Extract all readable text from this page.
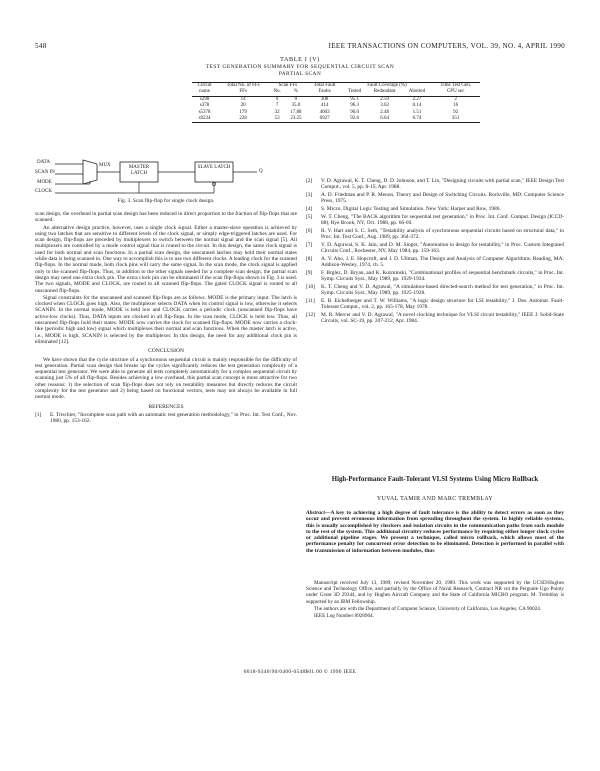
548	IEEE TRANSACTIONS ON COMPUTERS, VOL. 39, NO. 4, APRIL 1990
TABLE I (V)
TEST GENERATION SUMMARY FOR SEQUENTIAL CIRCUIT SCAN
PARTIAL SCAN
Circuit	Total No. of FFs	Scan FFs		Total Fault	Fault Coverage (%)			Time Test Gen.
name	FFs	No.	%	Faults	Tested	Redundant	Aborted	CPU sec
s298	14	0	0	308	95.1	2.59	2.27	2
s378	20	7	35.0	414	96.3	3.62	0.14	16
s5378	179	32	17.88	4603	96.0	2.48	1.51	92
s9234	228	53	23.25	6927	92.6	6.64	0.74	351
DATA
SCAN IN
MODE
CLOCK
MUX	MASTER LATCH
SLAVE LATCH
Q
Fig. 3. Scan flip-flop for single clock design.

scan design, the overhead in partial scan design has been reduced in direct proportion to the fraction of flip-flops that are scanned.

An alternative design practice, however, uses a single clock signal. Either a master-slave operation is achieved by using two latches that are sensitive to different levels of the clock signal, or simply edge-triggered latches are used. For scan design, flip-flops are preceded by multiplexers to switch between the normal signal and the scan signal [5]. All multiplexers are controlled by a mode control signal that is routed to the circuit. In this design, the same clock signal is used for both normal and scan functions. In a partial scan design, the unscanned latches may hold their normal states while data is being scanned in. One way to accomplish this is to use two different clocks. A leading clock for the scanned flip-flops. In the normal mode, both clock pins will carry the same signal. In the scan mode, the clock signal is applied only to the scanned flip-flops. Thus, in addition to the other signals needed for a complete scan design, the partial scan design may need one extra clock pin. The extra clock pin can be eliminated if the scan flip-flops shown in Fig. 3 is used. The two signals, MODE and CLOCK, are routed to all scanned flip-flops. The gated CLOCK signal is routed to all unscanned flip-flops.

Signal constraints for the unscanned and scanned flip-flops are as follows. MODE is the primary input. The latch is clocked when CLOCK goes high. Also, the multiplexer selects DATA when its control signal is low, otherwise it selects SCANIN. In the normal mode, MODE is held low and CLOCK carries a periodic clock (unscanned flip-flops have active-low clocks). Thus, DATA inputs are clocked in all flip-flops. In the scan mode, CLOCK is held low. Thus, all unscanned flip-flops hold their states. MODE now carries the clock for scanned flip-flops. MODE now carries a clock-like (periodic high and low) signal which multiplexes their normal and scan functions. When the master latch is active, i.e., MODE is high, SCANIN is selected by the multiplexer. In this design, the need for any additional clock pin is eliminated [12].

CONCLUSION

We have shown that the cycle structure of a synchronous sequential circuit is mainly responsible for the difficulty of test generation. Partial scan design that breaks up the cycles significantly reduces the test generation complexity of a sequential test generator. We were able to generate all tests completely automatically for a complex sequential circuit by scanning just 5% of all flip-flops. Besides achieving a low overhead, this partial scan concept is more attractive for two other reasons: 1) the selection of scan flip-flops does not rely on testability measures but directly reduces the circuit complexity for the test generator and 2) being based on functional vectors, tests may not always be available in full normal mode.

REFERENCES
[1]	E. Trischler, "Incomplete scan path with an automatic test generation methodology," in Proc. Int. Test Conf., Nov. 1980, pp. 153-162.
[2]	V. D. Agrawal, K. T. Cheng, D. D. Johnson, and T. Lin, "Designing circuits with partial scan," IEEE Design Test Comput., vol. 5, pp. 8-15, Apr. 1988.
[3]	A. D. Friedman and P. R. Menon, Theory and Design of Switching Circuits. Rockville, MD: Computer Science Press, 1975.
[4]	S. Miczo, Digital Logic Testing and Simulation. New York: Harper and Row, 1986.
[5]	W. T. Cheng, "The BACK algorithm for sequential test generation," in Proc. Int. Conf. Comput. Design (ICCD-88), Rye Brook, NY, Oct. 1988, pp. 66-69.
[6]	R. V. Hart and S. C. Seth, "Testability analysis of synchronous sequential circuits based on structural data," in Proc. Int. Test Conf., Aug. 1989, pp. 364-372.
[7]	V. D. Agrawal, S. K. Jain, and D. M. Singer, "Automation in design for testability," in Proc. Custom Integrated Circuits Conf., Rochester, NY, May 1984, pp. 159-163.
[8]	A. V. Aho, J. E. Hopcroft, and J. D. Ullman, The Design and Analysis of Computer Algorithms. Reading, MA: Addison-Wesley, 1974, ch. 5.
[9]	F. Brglez, D. Bryan, and K. Kozminski, "Combinational profiles of sequential benchmark circuits," in Proc. Int. Symp. Circuits Syst., May 1989, pp. 1929-1934.
[10]	K. T. Cheng and V. D. Agrawal, "A simulation-based directed-search method for test generation," in Proc. Int. Symp. Circuits Syst., May 1989, pp. 1925-1928.
[11]	E. B. Eichelberger and T. W. Williams, "A logic design structure for LSI testability," J. Des. Automat. Fault-Tolerant Comput., vol. 2, pp. 165-178, May 1978.
[12]	M. R. Mercer and V. D. Agrawal, "A novel clocking technique for VLSI circuit testability," IEEE J. Solid-State Circuits, vol. SC-19, pp. 207-212, Apr. 1984.
High-Performance Fault-Tolerant VLSI Systems Using Micro Rollback
YUVAL TAMIR AND MARC TREMBLAY
Abstract—A key to achieving a high degree of fault tolerance is the ability to detect errors as soon as they occur and prevent erroneous information from spreading throughout the system. In highly reliable systems, this is usually accomplished by checkers and isolation circuits in the communication paths from each module to the rest of the system. This additional circuitry reduces performance by requiring either longer clock cycles or additional pipeline stages. We present a technique, called micro rollback, which allows most of the performance penalty for concurrent error detection to be eliminated. Detection is performed in parallel with the transmission of information between modules, thus

Manuscript received July 13, 1989; revised November 20, 1989. This work was supported by the UCSD/Hughes Science and Technology Office, and partially by the Office of Naval Research, Contract NR cnt the Pergunte Ugo Pointy under Grant 3D 29344, and by Hughes Aircraft Company and the State of California MICRO program. M. Tremblay is supported by an IBM Fellowship.

The authors are with the Department of Computer Science, University of California, Los Angeles, CA 90024.

IEEE Log Number 8928964.

0018-9340/90/0400-0548$01.00 © 1990 IEEE
